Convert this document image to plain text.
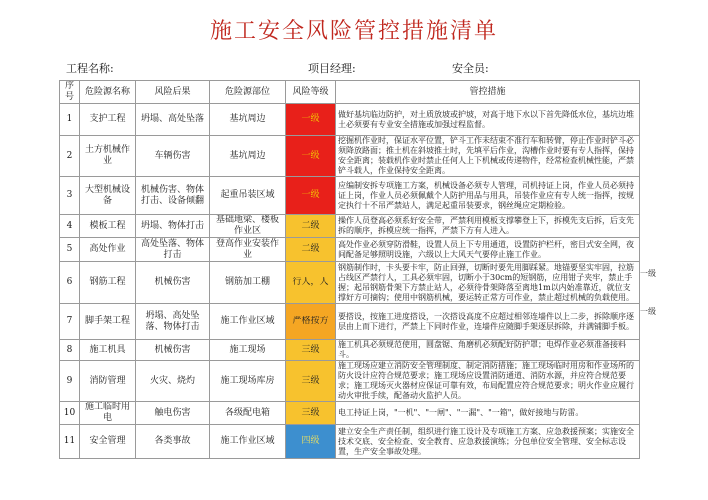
施工安全风险管控措施清单
工程名称:	项目经理:	安全员:
序号	危险源名称	风险后果	危险源部位	风险等级	管控措施
1	支护工程	坍塌、高处坠落	基坑周边	一级	做好基坑临边防护，对土质放坡或护坡，对高于地下水以下首先降低水位，基坑边堆土必须要有专业安全措施或加强过程监督。
2	土方机械作业	车辆伤害	基坑周边	一级	挖掘机作业时，保证水平位置，铲斗工作未结束不准行车和转臂，停止作业时铲斗必须降放路面；推土机在斜坡推土时，先填平后作业，沟槽作业时要有专人指挥，保持安全距离；装载机作业时禁止任何人上下机械或传递物件，经常检查机械性能，严禁铲斗载人，作业保持安全距离。
3	大型机械设备	机械伤害、物体打击、设备倾翻	起重吊装区域	一级	应编制安拆专项施工方案，机械设备必须专人管理，司机持证上岗，作业人员必须持证上岗，作业人员必须佩戴个人防护用品与用具，吊装作业应有专人统一指挥，按规定执行十不吊严禁站人，满足起重吊装要求，钢丝绳应定期检验。
4	模板工程	坍塌、物体打击	基础地梁、楼板作业区	二级	操作人员登高必须系好安全带，严禁利用模板支撑攀登上下，拆模先支后拆，后支先拆的顺序，拆模应统一指挥，严禁下方有人进入。
5	高处作业	高处坠落、物体打击	登高作业安装作业	二级	高处作业必须穿防滑鞋，设置人员上下专用通道，设置防护栏杆，密目式安全网，夜间配备足够照明设施，六级以上大风天气要停止施工作业。
6	钢筋工程	机械伤害	钢筋加工棚	行人，人	钢筋制作时，卡头要卡牢，防止回弹，切断时要先用脚踩紧。地锚要坚实牢固，拉筋占线区严禁行人，工具必须牢固，切断小于30cm的短钢筋，应用钳子夹牢，禁止手握；起吊钢筋骨架下方禁止站人，必须待骨架降落至离地1m以内始准靠近，就位支撑好方可摘钩；使用中钢筋机械，要运转正常方可作业，禁止超过机械的负载使用。
7	脚手架工程	坍塌、高处坠落、物体打击	施工作业区域	严格按方	要搭设，按施工进度搭设，一次搭设高度不应超过相邻连墙件以上二步，拆除顺序逐层由上而下进行，严禁上下同时作业，连墙件应随脚手架逐层拆除，并满铺脚手板。
8	施工机具	机械伤害	施工现场	三级	施工机具必须规范使用，圆盘锯、角磨机必须配好防护罩；电焊作业必须准备接料斗。
9	消防管理	火灾、烧灼	施工现场库房	三级	施工现场应建立消防安全管理制度、制定消防措施；施工现场临时用房和作业场所的防火设计应符合规范要求；施工现场应设置消防通道、消防水源，并应符合规范要求；施工现场灭火器材应保证可靠有效，布局配置应符合规范要求；明火作业应履行动火审批手续，配备动火监护人员。
10	施工临时用电	触电伤害	各级配电箱	三级	电工持证上岗，"一机"、"一闸"、"一漏"、"一箱"，做好接地与防雷。
11	安全管理	各类事故	施工作业区域	四级	建立安全生产责任制，组织进行施工设计及专项施工方案、应急救援预案；实施安全技术交底、安全检查、安全教育、应急救援演练；分包单位安全管理、安全标志设置，生产安全事故处理。
一级
一级
